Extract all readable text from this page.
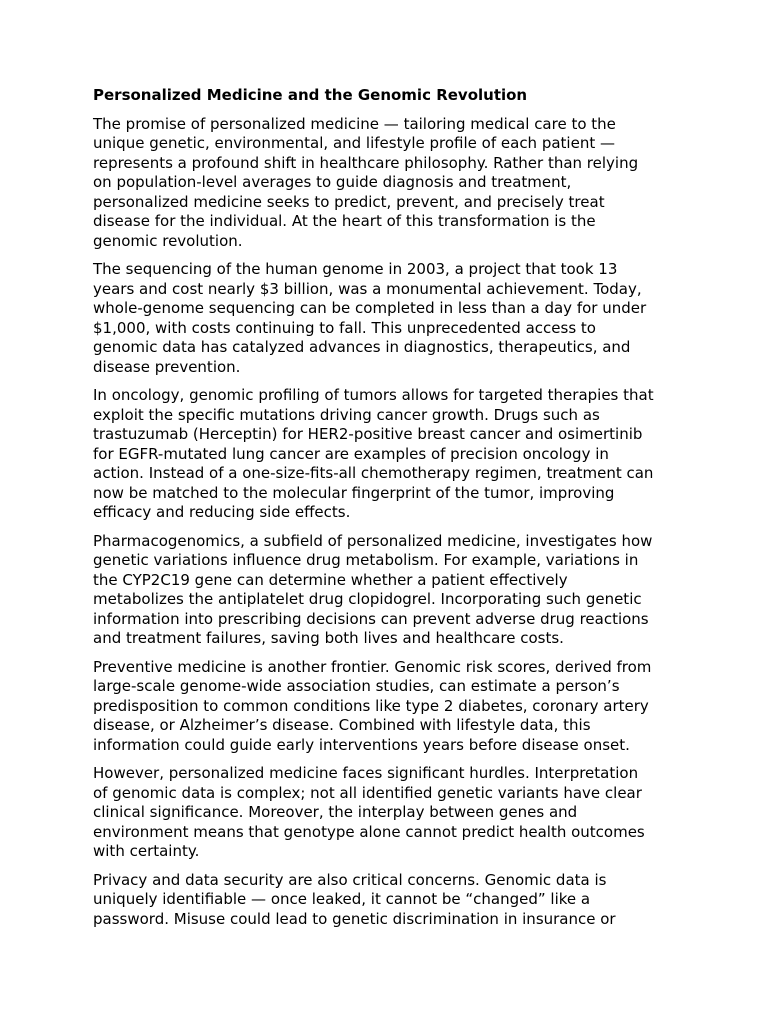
Personalized Medicine and the Genomic Revolution
The promise of personalized medicine — tailoring medical care to the
unique genetic, environmental, and lifestyle profile of each patient —
represents a profound shift in healthcare philosophy. Rather than relying
on population-level averages to guide diagnosis and treatment,
personalized medicine seeks to predict, prevent, and precisely treat
disease for the individual. At the heart of this transformation is the
genomic revolution.
The sequencing of the human genome in 2003, a project that took 13
years and cost nearly $3 billion, was a monumental achievement. Today,
whole-genome sequencing can be completed in less than a day for under
$1,000, with costs continuing to fall. This unprecedented access to
genomic data has catalyzed advances in diagnostics, therapeutics, and
disease prevention.
In oncology, genomic profiling of tumors allows for targeted therapies that
exploit the specific mutations driving cancer growth. Drugs such as
trastuzumab (Herceptin) for HER2-positive breast cancer and osimertinib
for EGFR-mutated lung cancer are examples of precision oncology in
action. Instead of a one-size-fits-all chemotherapy regimen, treatment can
now be matched to the molecular fingerprint of the tumor, improving
efficacy and reducing side effects.
Pharmacogenomics, a subfield of personalized medicine, investigates how
genetic variations influence drug metabolism. For example, variations in
the CYP2C19 gene can determine whether a patient effectively
metabolizes the antiplatelet drug clopidogrel. Incorporating such genetic
information into prescribing decisions can prevent adverse drug reactions
and treatment failures, saving both lives and healthcare costs.
Preventive medicine is another frontier. Genomic risk scores, derived from
large-scale genome-wide association studies, can estimate a person’s
predisposition to common conditions like type 2 diabetes, coronary artery
disease, or Alzheimer’s disease. Combined with lifestyle data, this
information could guide early interventions years before disease onset.
However, personalized medicine faces significant hurdles. Interpretation
of genomic data is complex; not all identified genetic variants have clear
clinical significance. Moreover, the interplay between genes and
environment means that genotype alone cannot predict health outcomes
with certainty.
Privacy and data security are also critical concerns. Genomic data is
uniquely identifiable — once leaked, it cannot be “changed” like a
password. Misuse could lead to genetic discrimination in insurance or
